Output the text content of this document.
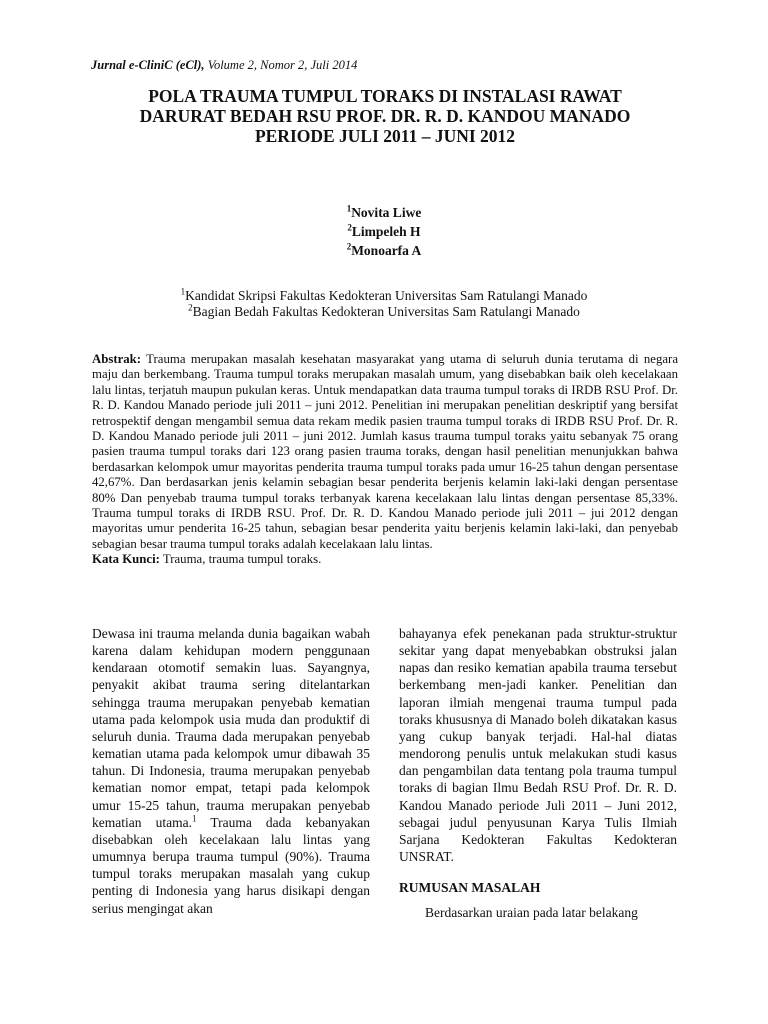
Jurnal e-CliniC (eCl), Volume 2, Nomor 2, Juli 2014
POLA TRAUMA TUMPUL TORAKS DI INSTALASI RAWAT
DARURAT BEDAH RSU PROF. DR. R. D. KANDOU MANADO
PERIODE JULI 2011 – JUNI 2012
$^1$Novita Liwe
$^2$Limpeleh H
$^2$Monoarfa A
$^1$Kandidat Skripsi Fakultas Kedokteran Universitas Sam Ratulangi Manado
$^2$Bagian Bedah Fakultas Kedokteran Universitas Sam Ratulangi Manado
Abstrak: Trauma merupakan masalah kesehatan masyarakat yang utama di seluruh dunia terutama di negara maju dan berkembang. Trauma tumpul toraks merupakan masalah umum, yang disebabkan baik oleh kecelakaan lalu lintas, terjatuh maupun pukulan keras. Untuk mendapatkan data trauma tumpul toraks di IRDB RSU Prof. Dr. R. D. Kandou Manado periode juli 2011 – juni 2012. Penelitian ini merupakan penelitian deskriptif yang bersifat retrospektif dengan mengambil semua data rekam medik pasien trauma tumpul toraks di IRDB RSU Prof. Dr. R. D. Kandou Manado periode juli 2011 – juni 2012. Jumlah kasus trauma tumpul toraks yaitu sebanyak 75 orang pasien trauma tumpul toraks dari 123 orang pasien trauma toraks, dengan hasil penelitian menunjukkan bahwa berdasarkan kelompok umur mayoritas penderita trauma tumpul toraks pada umur 16-25 tahun dengan persentase 42,67%. Dan berdasarkan jenis kelamin sebagian besar penderita berjenis kelamin laki-laki dengan persentase 80% Dan penyebab trauma tumpul toraks terbanyak karena kecelakaan lalu lintas dengan persentase 85,33%. Trauma tumpul toraks di IRDB RSU. Prof. Dr. R. D. Kandou Manado periode juli 2011 – jui 2012 dengan mayoritas umur penderita 16-25 tahun, sebagian besar penderita yaitu berjenis kelamin laki-laki, dan penyebab sebagian besar trauma tumpul toraks adalah kecelakaan lalu lintas.
Kata Kunci: Trauma, trauma tumpul toraks.
Dewasa ini trauma melanda dunia bagaikan wabah karena dalam kehidupan modern penggunaan kendaraan otomotif semakin luas. Sayangnya, penyakit akibat trauma sering ditelantarkan sehingga trauma merupakan penyebab kematian utama pada kelompok usia muda dan produktif di seluruh dunia. Trauma dada merupakan penyebab kematian utama pada kelompok umur dibawah 35 tahun. Di Indonesia, trauma merupakan penyebab kematian nomor empat, tetapi pada kelompok umur 15-25 tahun, trauma merupakan penyebab kematian utama.$^1$ Trauma dada kebanyakan disebabkan oleh kecelakaan lalu lintas yang umumnya berupa trauma tumpul (90%). Trauma tumpul toraks merupakan masalah yang cukup penting di Indonesia yang harus disikapi dengan serius mengingat akan
bahayanya efek penekanan pada struktur-struktur sekitar yang dapat menyebabkan obstruksi jalan napas dan resiko kematian apabila trauma tersebut berkembang men-jadi kanker. Penelitian dan laporan ilmiah mengenai trauma tumpul pada toraks khususnya di Manado boleh dikatakan kasus yang cukup banyak terjadi. Hal-hal diatas mendorong penulis untuk melakukan studi kasus dan pengambilan data tentang pola trauma tumpul toraks di bagian Ilmu Bedah RSU Prof. Dr. R. D. Kandou Manado periode Juli 2011 – Juni 2012, sebagai judul penyusunan Karya Tulis Ilmiah Sarjana Kedokteran Fakultas Kedokteran UNSRAT.
RUMUSAN MASALAH
Berdasarkan uraian pada latar belakang
